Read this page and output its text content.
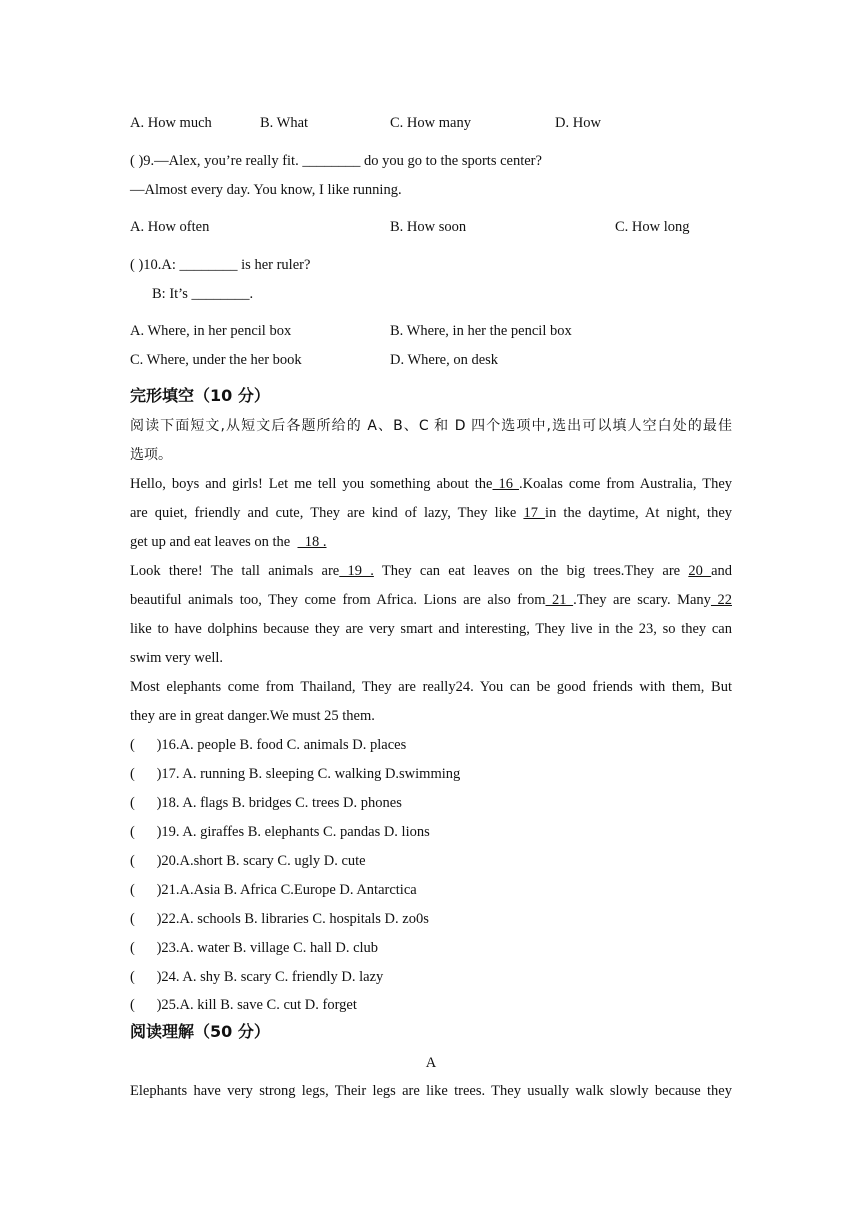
A. How much	B. What	C. How many	D. How
( )9.—Alex, you’re really fit. ________ do you go to the sports center?
—Almost every day. You know, I like running.
A. How often	B. How soon	C. How long
( )10.A: ________ is her ruler?
B: It’s ________.
A. Where, in her pencil box	B. Where, in her the pencil box
C. Where, under the her book	D. Where, on desk
完形填空（10 分）
阅读下面短文,从短文后各题所给的 A、B、C 和 D 四个选项中,选出可以填人空白处的最佳
选项。
Hello, boys and girls! Let me tell you something about the 16 .Koalas come from Australia, They
are quiet, friendly and cute, They are kind of lazy, They like 17 in the daytime, At night, they
get up and eat leaves on the    18 .
Look there! The tall animals are 19 . They can eat leaves on the big trees.They are 20 and
beautiful animals too, They come from Africa. Lions are also from 21 .They are scary. Many 22
like to have dolphins because they are very smart and interesting, They live in the 23, so they can
swim very well.
Most elephants come from Thailand, They are really24. You can be good friends with them, But
they are in great danger.We must 25 them.
(      )16.A. people B. food C. animals D. places
(      )17. A. running B. sleeping C. walking D.swimming
(      )18. A. flags B. bridges C. trees D. phones
(      )19. A. giraffes B. elephants C. pandas D. lions
(      )20.A.short B. scary C. ugly D. cute
(      )21.A.Asia B. Africa C.Europe D. Antarctica
(      )22.A. schools B. libraries C. hospitals D. zo0s
(      )23.A. water B. village C. hall D. club
(      )24. A. shy B. scary C. friendly D. lazy
(      )25.A. kill B. save C. cut D. forget
阅读理解（50 分）
A
Elephants have very strong legs, Their legs are like trees. They usually walk slowly because they
